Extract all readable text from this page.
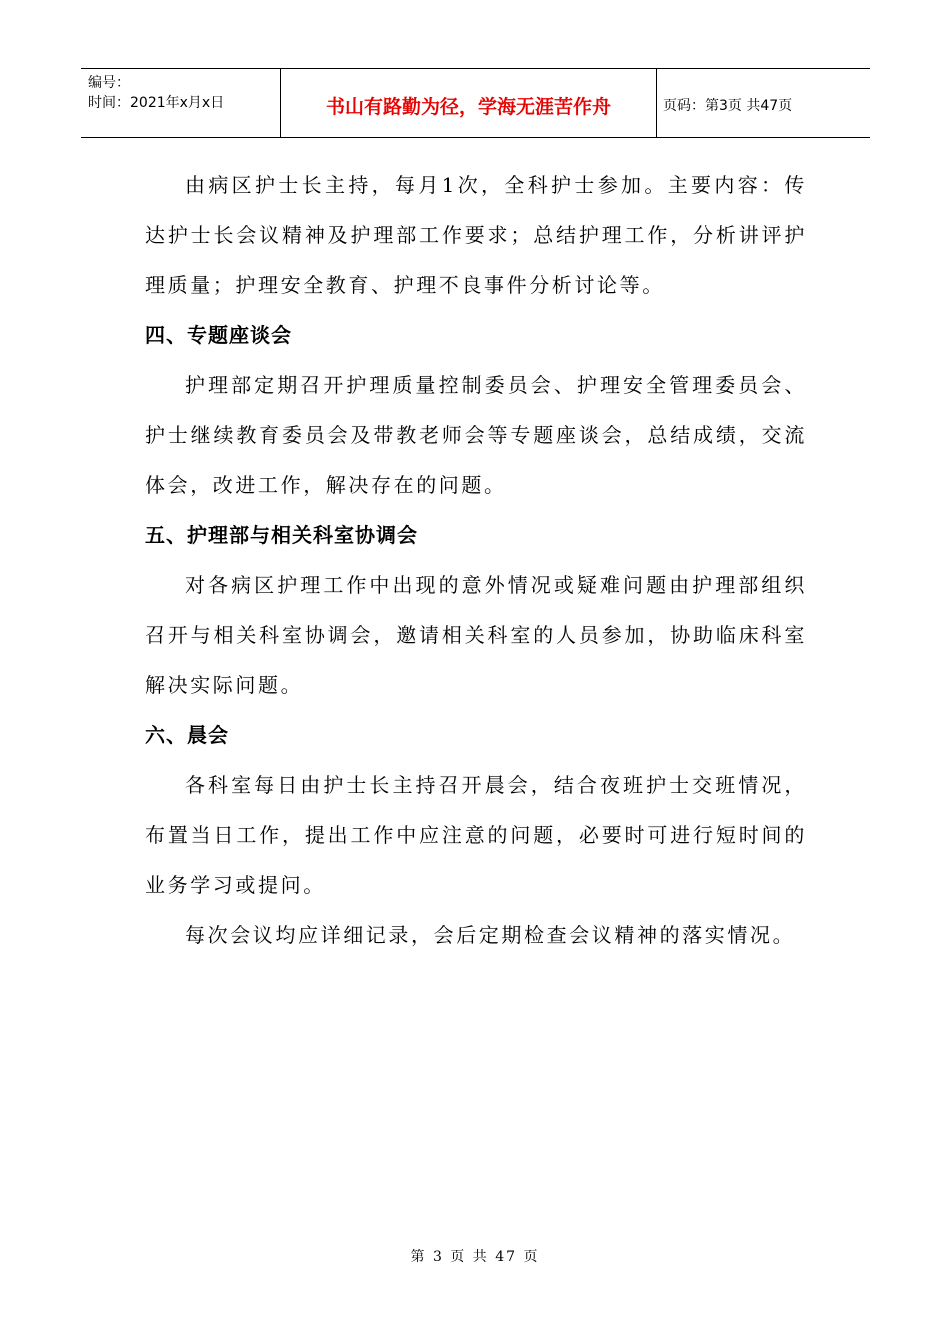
编号：
时间：2021年x月x日	书山有路勤为径，学海无涯苦作舟	页码：第3页 共47页

由病区护士长主持，每月1次，全科护士参加。主要内容：传达护士长会议精神及护理部工作要求；总结护理工作，分析讲评护理质量；护理安全教育、护理不良事件分析讨论等。

四、专题座谈会

护理部定期召开护理质量控制委员会、护理安全管理委员会、护士继续教育委员会及带教老师会等专题座谈会，总结成绩，交流体会，改进工作，解决存在的问题。

五、护理部与相关科室协调会

对各病区护理工作中出现的意外情况或疑难问题由护理部组织召开与相关科室协调会，邀请相关科室的人员参加，协助临床科室解决实际问题。

六、晨会

各科室每日由护士长主持召开晨会，结合夜班护士交班情况，布置当日工作，提出工作中应注意的问题，必要时可进行短时间的业务学习或提问。

每次会议均应详细记录，会后定期检查会议精神的落实情况。

第 3 页 共 47 页
